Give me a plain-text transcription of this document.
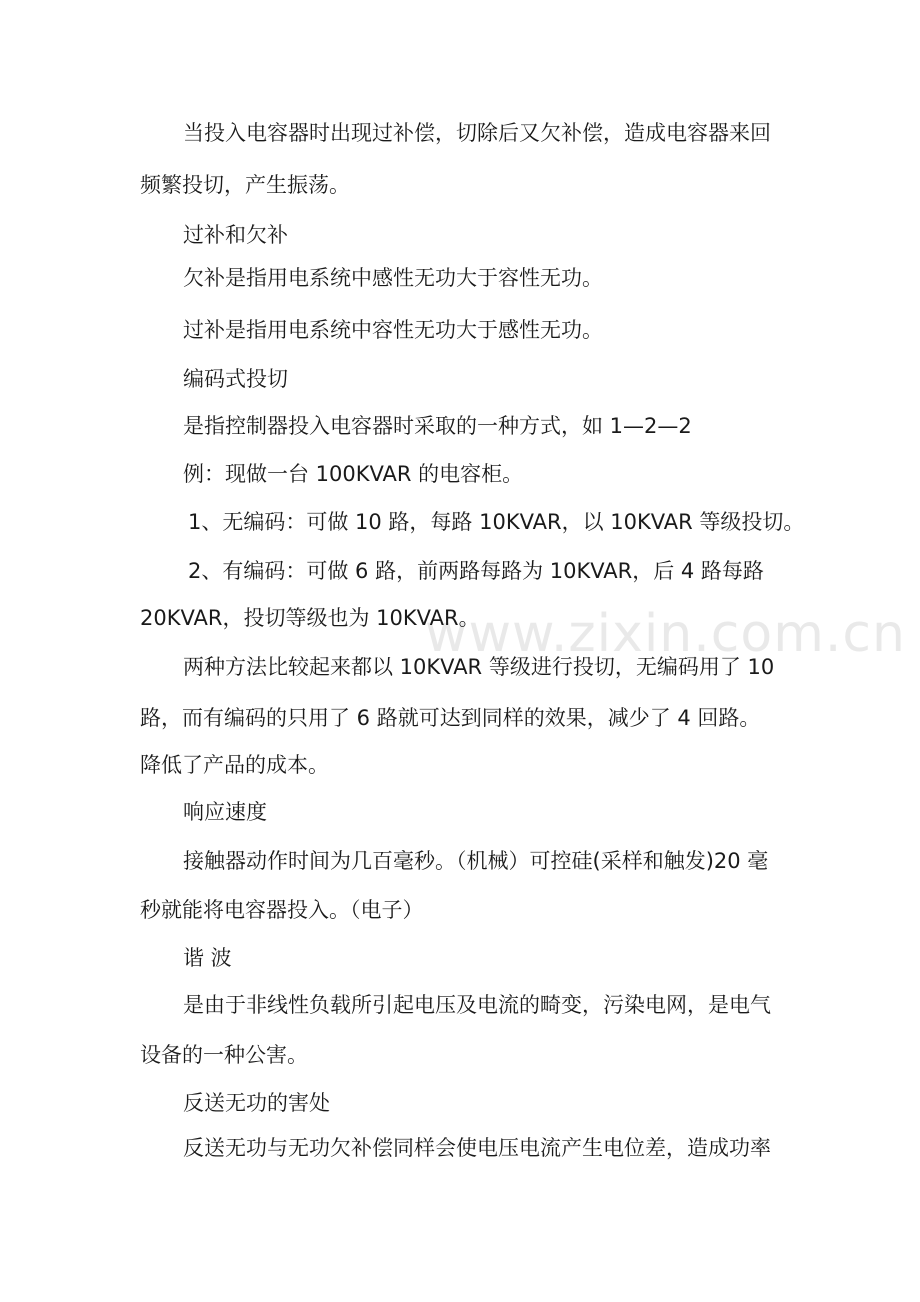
www.zixin.com.cn
当投入电容器时出现过补偿，切除后又欠补偿，造成电容器来回
频繁投切，产生振荡。
过补和欠补
欠补是指用电系统中感性无功大于容性无功。
过补是指用电系统中容性无功大于感性无功。
编码式投切
是指控制器投入电容器时采取的一种方式，如 1—2—2
例：现做一台 100KVAR 的电容柜。
1、无编码：可做 10 路，每路 10KVAR，以 10KVAR 等级投切。
2、有编码：可做 6 路，前两路每路为 10KVAR，后 4 路每路
20KVAR，投切等级也为 10KVAR。
两种方法比较起来都以 10KVAR 等级进行投切，无编码用了 10
路，而有编码的只用了 6 路就可达到同样的效果，减少了 4 回路。
降低了产品的成本。
响应速度
接触器动作时间为几百毫秒。（机械）可控硅(采样和触发)20 毫
秒就能将电容器投入。（电子）
谐 波
是由于非线性负载所引起电压及电流的畸变，污染电网，是电气
设备的一种公害。
反送无功的害处
反送无功与无功欠补偿同样会使电压电流产生电位差，造成功率
